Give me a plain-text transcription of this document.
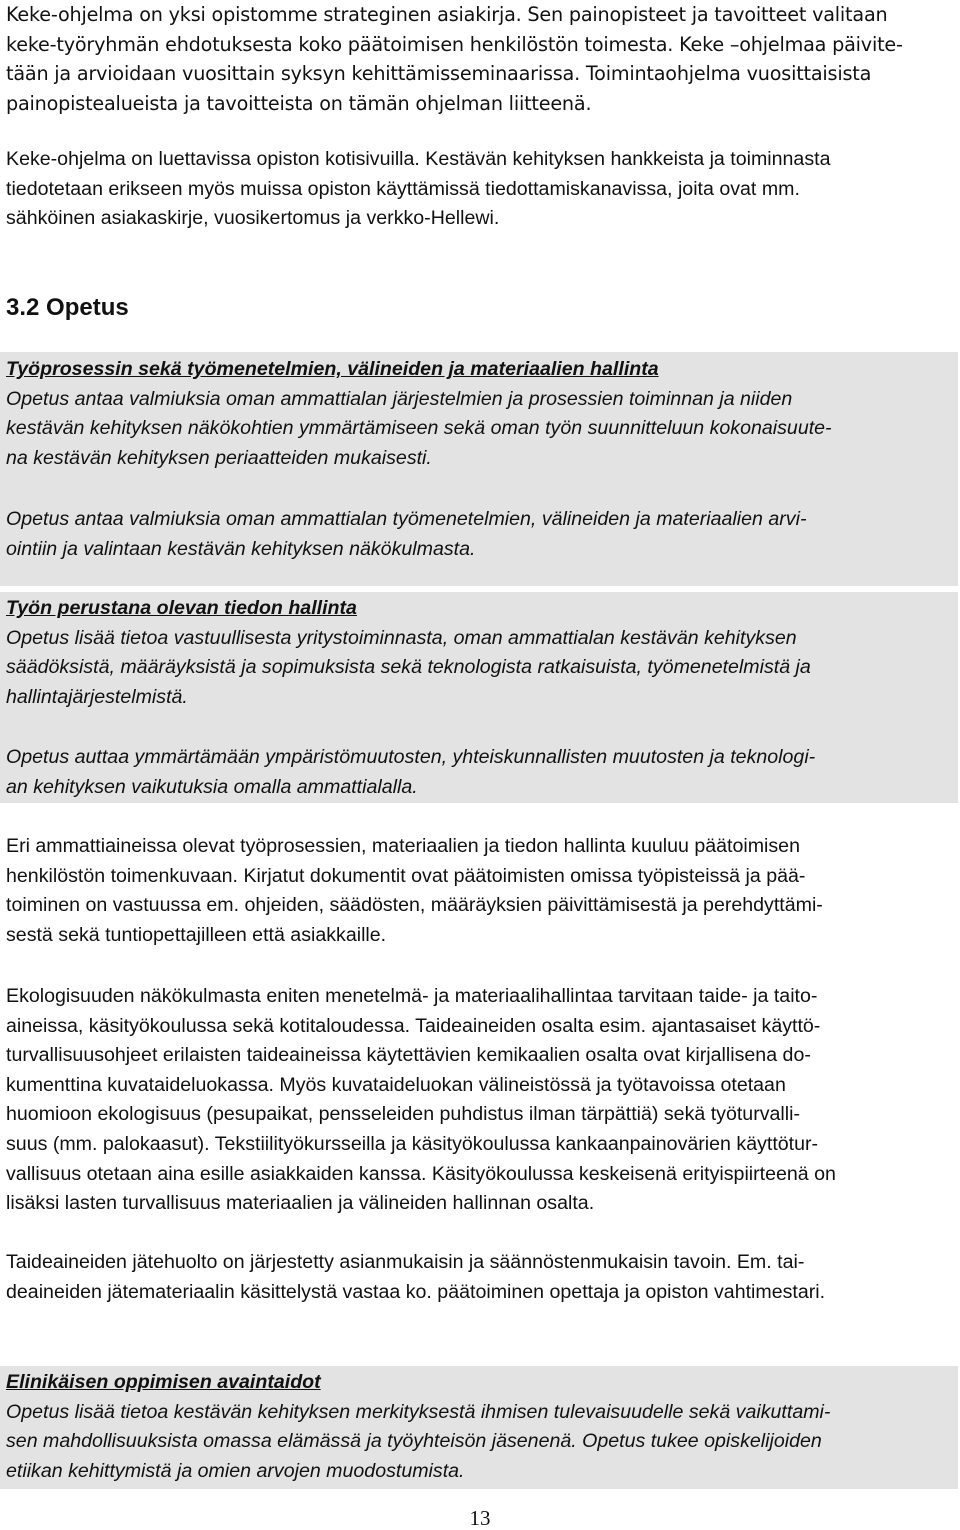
Keke-ohjelma on yksi opistomme strateginen asiakirja. Sen painopisteet ja tavoitteet valitaan
keke-työryhmän ehdotuksesta koko päätoimisen henkilöstön toimesta. Keke –ohjelmaa päivite-
tään ja arvioidaan vuosittain syksyn kehittämisseminaarissa. Toimintaohjelma vuosittaisista
painopistealueista ja tavoitteista on tämän ohjelman liitteenä.

Keke-ohjelma on luettavissa opiston kotisivuilla. Kestävän kehityksen hankkeista ja toiminnasta
tiedotetaan erikseen myös muissa opiston käyttämissä tiedottamiskanavissa, joita ovat mm.
sähköinen asiakaskirje, vuosikertomus ja verkko-Hellewi.

3.2 Opetus
Työprosessin sekä työmenetelmien, välineiden ja materiaalien hallinta
Opetus antaa valmiuksia oman ammattialan järjestelmien ja prosessien toiminnan ja niiden
kestävän kehityksen näkökohtien ymmärtämiseen sekä oman työn suunnitteluun kokonaisuute-
na kestävän kehityksen periaatteiden mukaisesti.
Opetus antaa valmiuksia oman ammattialan työmenetelmien, välineiden ja materiaalien arvi-
ointiin ja valintaan kestävän kehityksen näkökulmasta.
Työn perustana olevan tiedon hallinta
Opetus lisää tietoa vastuullisesta yritystoiminnasta, oman ammattialan kestävän kehityksen
säädöksistä, määräyksistä ja sopimuksista sekä teknologista ratkaisuista, työmenetelmistä ja
hallintajärjestelmistä.
Opetus auttaa ymmärtämään ympäristömuutosten, yhteiskunnallisten muutosten ja teknologi-
an kehityksen vaikutuksia omalla ammattialalla.

Eri ammattiaineissa olevat työprosessien, materiaalien ja tiedon hallinta kuuluu päätoimisen
henkilöstön toimenkuvaan. Kirjatut dokumentit ovat päätoimisten omissa työpisteissä ja pää-
toiminen on vastuussa em. ohjeiden, säädösten, määräyksien päivittämisestä ja perehdyttämi-
sestä sekä tuntiopettajilleen että asiakkaille.

Ekologisuuden näkökulmasta eniten menetelmä- ja materiaalihallintaa tarvitaan taide- ja taito-
aineissa, käsityökoulussa sekä kotitaloudessa. Taideaineiden osalta esim. ajantasaiset käyttö-
turvallisuusohjeet erilaisten taideaineissa käytettävien kemikaalien osalta ovat kirjallisena do-
kumenttina kuvataideluokassa. Myös kuvataideluokan välineistössä ja työtavoissa otetaan
huomioon ekologisuus (pesupaikat, pensseleiden puhdistus ilman tärpättiä) sekä työturvalli-
suus (mm. palokaasut). Tekstiilityökursseilla ja käsityökoulussa kankaanpainovärien käyttötur-
vallisuus otetaan aina esille asiakkaiden kanssa. Käsityökoulussa keskeisenä erityispiirteenä on
lisäksi lasten turvallisuus materiaalien ja välineiden hallinnan osalta.

Taideaineiden jätehuolto on järjestetty asianmukaisin ja säännöstenmukaisin tavoin. Em. tai-
deaineiden jätemateriaalin käsittelystä vastaa ko. päätoiminen opettaja ja opiston vahtimestari.

Elinikäisen oppimisen avaintaidot
Opetus lisää tietoa kestävän kehityksen merkityksestä ihmisen tulevaisuudelle sekä vaikuttami-
sen mahdollisuuksista omassa elämässä ja työyhteisön jäsenenä. Opetus tukee opiskelijoiden
etiikan kehittymistä ja omien arvojen muodostumista.
13
